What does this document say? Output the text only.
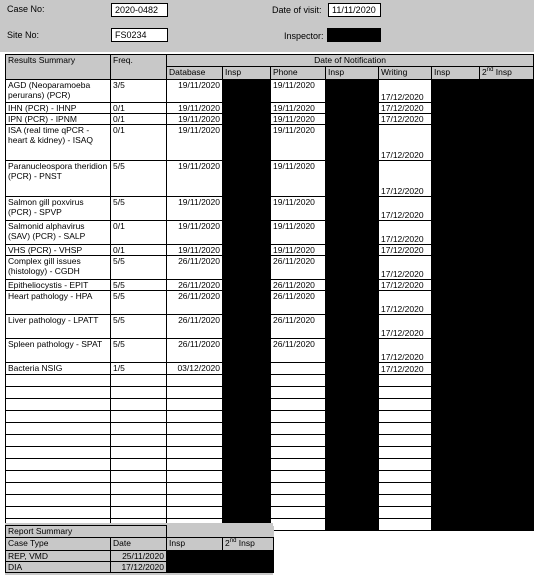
Case No:	2020-0482	Date of visit:	11/11/2020
Site No:	FS0234	Inspector:
Results Summary	Freq.	Date of Notification						
		Database	Insp	Phone	Insp	Writing	Insp	2nd Insp
AGD (Neoparamoeba perurans) (PCR)	3/5	19/11/2020		19/11/2020		17/12/2020		
IHN (PCR) - IHNP	0/1	19/11/2020		19/11/2020		17/12/2020		
IPN (PCR) - IPNM	0/1	19/11/2020		19/11/2020		17/12/2020		
ISA (real time qPCR - heart & kidney) - ISAQ	0/1	19/11/2020		19/11/2020		17/12/2020		
Paranucleospora theridion (PCR) - PNST	5/5	19/11/2020		19/11/2020		17/12/2020		
Salmon gill poxvirus (PCR) - SPVP	5/5	19/11/2020		19/11/2020		17/12/2020		
Salmonid alphavirus (SAV) (PCR) - SALP	0/1	19/11/2020		19/11/2020		17/12/2020		
VHS (PCR) - VHSP	0/1	19/11/2020		19/11/2020		17/12/2020		
Complex gill issues (histology) - CGDH	5/5	26/11/2020		26/11/2020		17/12/2020		
Epitheliocystis - EPIT	5/5	26/11/2020		26/11/2020		17/12/2020		
Heart pathology - HPA	5/5	26/11/2020		26/11/2020		17/12/2020		
Liver pathology - LPATT	5/5	26/11/2020		26/11/2020		17/12/2020		
Spleen pathology - SPAT	5/5	26/11/2020		26/11/2020		17/12/2020		
Bacteria NSIG	1/5	03/12/2020				17/12/2020		

Report Summary			
Case Type	Date	Insp	2nd Insp
REP, VMD	25/11/2020		
DIA	17/12/2020		
